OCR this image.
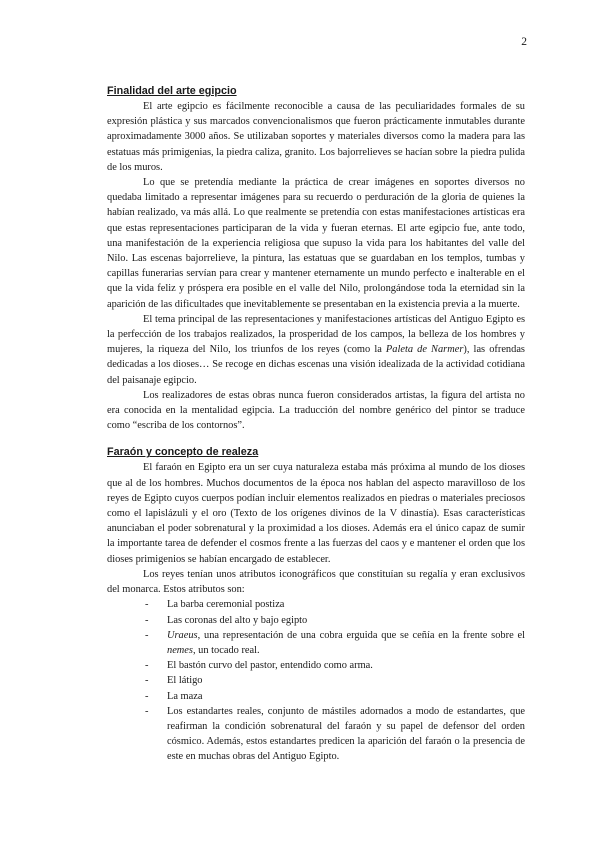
2
Finalidad del arte egipcio

El arte egipcio es fácilmente reconocible a causa de las peculiaridades formales de su expresión plástica y sus marcados convencionalismos que fueron prácticamente inmutables durante aproximadamente 3000 años. Se utilizaban soportes y materiales diversos como la madera para las estatuas más primigenias, la piedra caliza, granito. Los bajorrelieves se hacían sobre la piedra pulida de los muros.

Lo que se pretendía mediante la práctica de crear imágenes en soportes diversos no quedaba limitado a representar imágenes para su recuerdo o perduración de la gloria de quienes la habían realizado, va más allá. Lo que realmente se pretendía con estas manifestaciones artísticas era que estas representaciones participaran de la vida y fueran eternas. El arte egipcio fue, ante todo, una manifestación de la experiencia religiosa que supuso la vida para los habitantes del valle del Nilo. Las escenas bajorrelieve, la pintura, las estatuas que se guardaban en los templos, tumbas y capillas funerarias servían para crear y mantener eternamente un mundo perfecto e inalterable en el que la vida feliz y próspera era posible en el valle del Nilo, prolongándose toda la eternidad sin la aparición de las dificultades que inevitablemente se presentaban en la existencia previa a la muerte.

El tema principal de las representaciones y manifestaciones artísticas del Antiguo Egipto es la perfección de los trabajos realizados, la prosperidad de los campos, la belleza de los hombres y mujeres, la riqueza del Nilo, los triunfos de los reyes (como la Paleta de Narmer), las ofrendas dedicadas a los dioses… Se recoge en dichas escenas una visión idealizada de la actividad cotidiana del paisanaje egipcio.

Los realizadores de estas obras nunca fueron considerados artistas, la figura del artista no era conocida en la mentalidad egipcia. La traducción del nombre genérico del pintor se traduce como “escriba de los contornos”.

Faraón y concepto de realeza

El faraón en Egipto era un ser cuya naturaleza estaba más próxima al mundo de los dioses que al de los hombres. Muchos documentos de la época nos hablan del aspecto maravilloso de los reyes de Egipto cuyos cuerpos podían incluir elementos realizados en piedras o materiales preciosos como el lapislázuli y el oro (Texto de los orígenes divinos de la V dinastía). Esas características anunciaban el poder sobrenatural y la proximidad a los dioses. Además era el único capaz de sumir la importante tarea de defender el cosmos frente a las fuerzas del caos y e mantener el orden que los dioses primigenios se habían encargado de establecer.

Los reyes tenían unos atributos iconográficos que constituían su regalía y eran exclusivos del monarca. Estos atributos son:

- La barba ceremonial postiza
- Las coronas del alto y bajo egipto
- Uraeus, una representación de una cobra erguida que se ceñía en la frente sobre el nemes, un tocado real.
- El bastón curvo del pastor, entendido como arma.
- El látigo
- La maza
- Los estandartes reales, conjunto de mástiles adornados a modo de estandartes, que reafirman la condición sobrenatural del faraón y su papel de defensor del orden cósmico. Además, estos estandartes predicen la aparición del faraón o la presencia de este en muchas obras del Antiguo Egipto.
